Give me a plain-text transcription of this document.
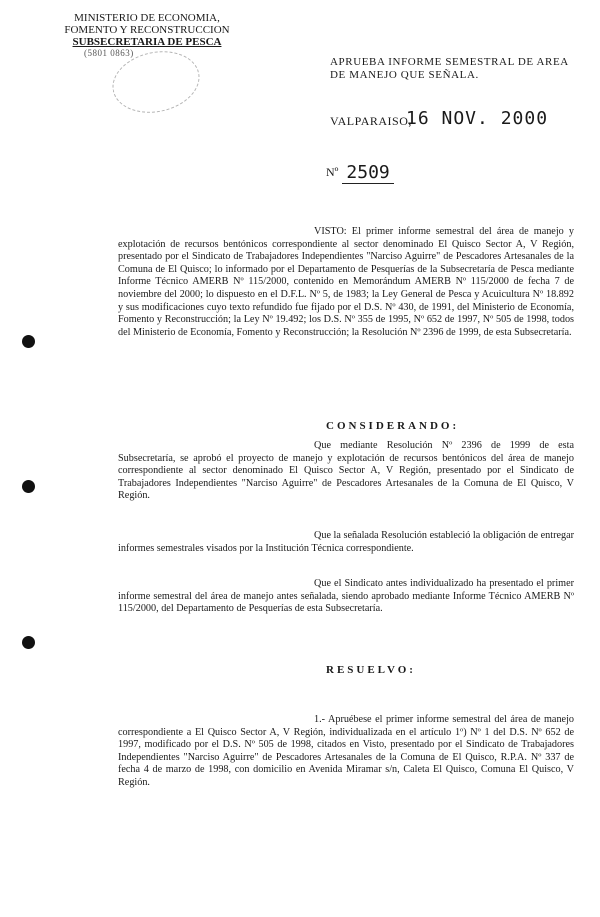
MINISTERIO DE ECONOMIA,
FOMENTO Y RECONSTRUCCION
SUBSECRETARIA DE PESCA
(5801 0863)
APRUEBA INFORME SEMESTRAL DE AREA DE MANEJO QUE SEÑALA.
VALPARAISO,
16 NOV. 2000
Nº 2509
VISTO: El primer informe semestral del área de manejo y explotación de recursos bentónicos correspondiente al sector denominado El Quisco Sector A, V Región, presentado por el Sindicato de Trabajadores Independientes "Narciso Aguirre" de Pescadores Artesanales de la Comuna de El Quisco; lo informado por el Departamento de Pesquerías de la Subsecretaría de Pesca mediante Informe Técnico AMERB Nº 115/2000, contenido en Memorándum AMERB Nº 115/2000 de fecha 7 de noviembre del 2000; lo dispuesto en el D.F.L. Nº 5, de 1983; la Ley General de Pesca y Acuicultura Nº 18.892 y sus modificaciones cuyo texto refundido fue fijado por el D.S. Nº 430, de 1991, del Ministerio de Economía, Fomento y Reconstrucción; la Ley Nº 19.492; los D.S. Nº 355 de 1995, Nº 652 de 1997, Nº 505 de 1998, todos del Ministerio de Economía, Fomento y Reconstrucción; la Resolución Nº 2396 de 1999, de esta Subsecretaría.
CONSIDERANDO:
Que mediante Resolución Nº 2396 de 1999 de esta Subsecretaría, se aprobó el proyecto de manejo y explotación de recursos bentónicos del área de manejo correspondiente al sector denominado El Quisco Sector A, V Región, presentado por el Sindicato de Trabajadores Independientes "Narciso Aguirre" de Pescadores Artesanales de la Comuna de El Quisco, V Región.
Que la señalada Resolución estableció la obligación de entregar informes semestrales visados por la Institución Técnica correspondiente.
Que el Sindicato antes individualizado ha presentado el primer informe semestral del área de manejo antes señalada, siendo aprobado mediante Informe Técnico AMERB Nº 115/2000, del Departamento de Pesquerías de esta Subsecretaría.
RESUELVO:
1.- Apruébese el primer informe semestral del área de manejo correspondiente a El Quisco Sector A, V Región, individualizada en el artículo 1º) Nº 1 del D.S. Nº 652 de 1997, modificado por el D.S. Nº 505 de 1998, citados en Visto, presentado por el Sindicato de Trabajadores Independientes "Narciso Aguirre" de Pescadores Artesanales de la Comuna de El Quisco, R.P.A. Nº 337 de fecha 4 de marzo de 1998, con domicilio en Avenida Miramar s/n, Caleta El Quisco, Comuna El Quisco, V Región.
